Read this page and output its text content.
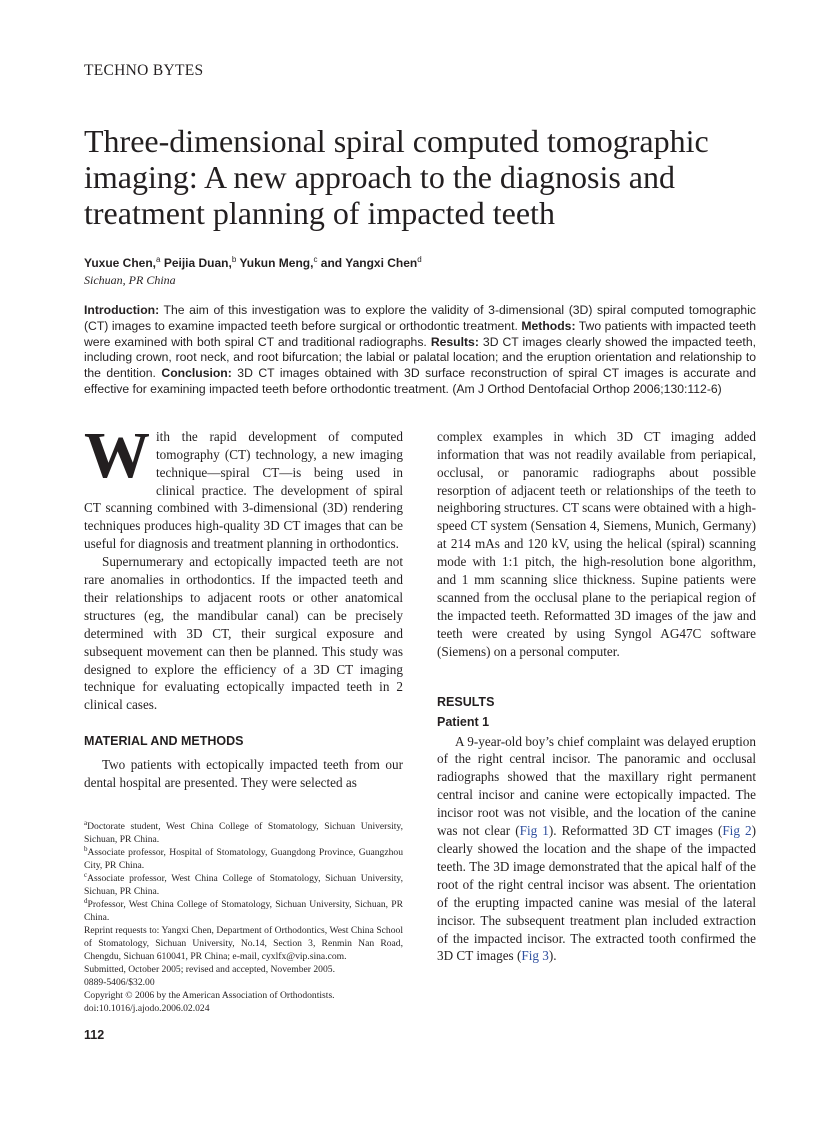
TECHNO BYTES
Three-dimensional spiral computed tomographic imaging: A new approach to the diagnosis and treatment planning of impacted teeth
Yuxue Chen,$^a$ Peijia Duan,$^b$ Yukun Meng,$^c$ and Yangxi Chen$^d$
Sichuan, PR China
Introduction: The aim of this investigation was to explore the validity of 3-dimensional (3D) spiral computed tomographic (CT) images to examine impacted teeth before surgical or orthodontic treatment. Methods: Two patients with impacted teeth were examined with both spiral CT and traditional radiographs. Results: 3D CT images clearly showed the impacted teeth, including crown, root neck, and root bifurcation; the labial or palatal location; and the eruption orientation and relationship to the dentition. Conclusion: 3D CT images obtained with 3D surface reconstruction of spiral CT images is accurate and effective for examining impacted teeth before orthodontic treatment. (Am J Orthod Dentofacial Orthop 2006;130:112-6)

With the rapid development of computed tomography (CT) technology, a new imaging technique—spiral CT—is being used in clinical practice. The development of spiral CT scanning combined with 3-dimensional (3D) rendering techniques produces high-quality 3D CT images that can be useful for diagnosis and treatment planning in orthodontics.

Supernumerary and ectopically impacted teeth are not rare anomalies in orthodontics. If the impacted teeth and their relationships to adjacent roots or other anatomical structures (eg, the mandibular canal) can be precisely determined with 3D CT, their surgical exposure and subsequent movement can then be planned. This study was designed to explore the efficiency of a 3D CT imaging technique for evaluating ectopically impacted teeth in 2 clinical cases.

MATERIAL AND METHODS

Two patients with ectopically impacted teeth from our dental hospital are presented. They were selected as

$^a$Doctorate student, West China College of Stomatology, Sichuan University, Sichuan, PR China.
$^b$Associate professor, Hospital of Stomatology, Guangdong Province, Guangzhou City, PR China.
$^c$Associate professor, West China College of Stomatology, Sichuan University, Sichuan, PR China.
$^d$Professor, West China College of Stomatology, Sichuan University, Sichuan, PR China.
Reprint requests to: Yangxi Chen, Department of Orthodontics, West China School of Stomatology, Sichuan University, No.14, Section 3, Renmin Nan Road, Chengdu, Sichuan 610041, PR China; e-mail, cyxlfx@vip.sina.com.
Submitted, October 2005; revised and accepted, November 2005.
0889-5406/$32.00
Copyright © 2006 by the American Association of Orthodontists.
doi:10.1016/j.ajodo.2006.02.024
112

complex examples in which 3D CT imaging added information that was not readily available from periapical, occlusal, or panoramic radiographs about possible resorption of adjacent teeth or relationships of the teeth to neighboring structures. CT scans were obtained with a high-speed CT system (Sensation 4, Siemens, Munich, Germany) at 214 mAs and 120 kV, using the helical (spiral) scanning mode with 1:1 pitch, the high-resolution bone algorithm, and 1 mm scanning slice thickness. Supine patients were scanned from the occlusal plane to the periapical region of the impacted teeth. Reformatted 3D images of the jaw and teeth were created by using Syngol AG47C software (Siemens) on a personal computer.

RESULTS
Patient 1

A 9-year-old boy’s chief complaint was delayed eruption of the right central incisor. The panoramic and occlusal radiographs showed that the maxillary right permanent central incisor and canine were ectopically impacted. The incisor root was not visible, and the location of the canine was not clear (Fig 1). Reformatted 3D CT images (Fig 2) clearly showed the location and the shape of the impacted teeth. The 3D image demonstrated that the apical half of the root of the right central incisor was absent. The orientation of the erupting impacted canine was mesial of the lateral incisor. The subsequent treatment plan included extraction of the impacted incisor. The extracted tooth confirmed the 3D CT images (Fig 3).
